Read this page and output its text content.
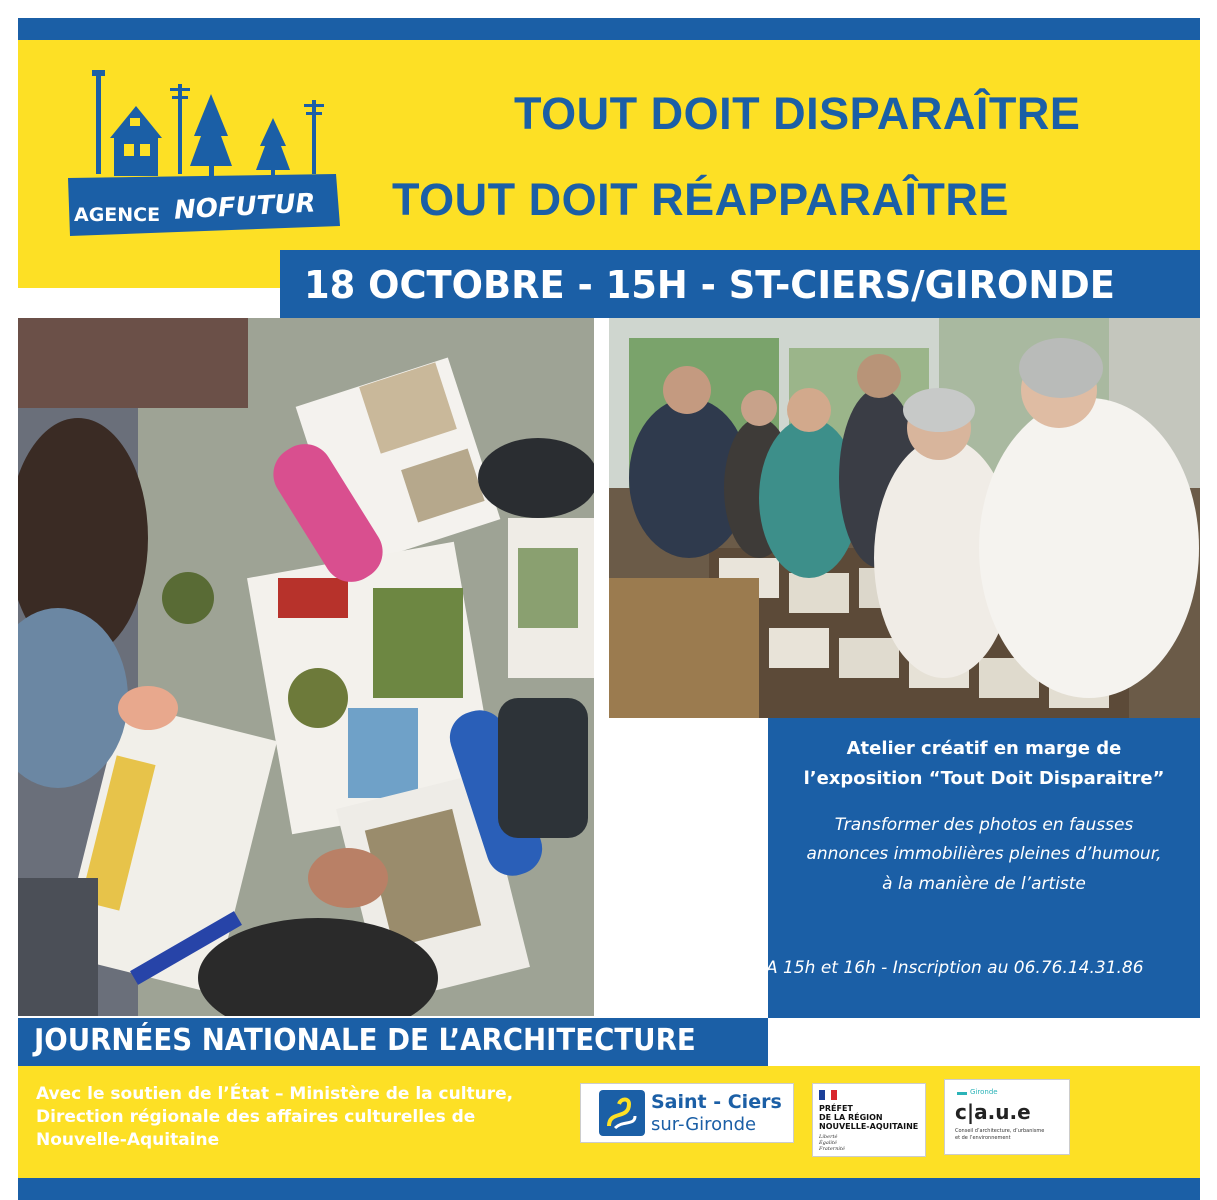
AGENCE NOFUTUR
TOUT DOIT DISPARAÎTRE
TOUT DOIT RÉAPPARAÎTRE
18 OCTOBRE - 15H - ST-CIERS/GIRONDE
Atelier créatif en marge de
l’exposition “Tout Doit Disparaitre”
Transformer des photos en fausses
annonces immobilières pleines d’humour,
à la manière de l’artiste
A 15h et 16h - Inscription au 06.76.14.31.86
JOURNÉES NATIONALE DE L’ARCHITECTURE
Avec le soutien de l’État – Ministère de la culture,
Direction régionale des affaires culturelles de
Nouvelle-Aquitaine
Saint - Ciers
sur-Gironde
PRÉFET
DE LA RÉGION
NOUVELLE-AQUITAINE
Liberté
Égalité
Fraternité
Gironde
c|a.u.e
Conseil d’architecture, d’urbanisme
et de l’environnement
